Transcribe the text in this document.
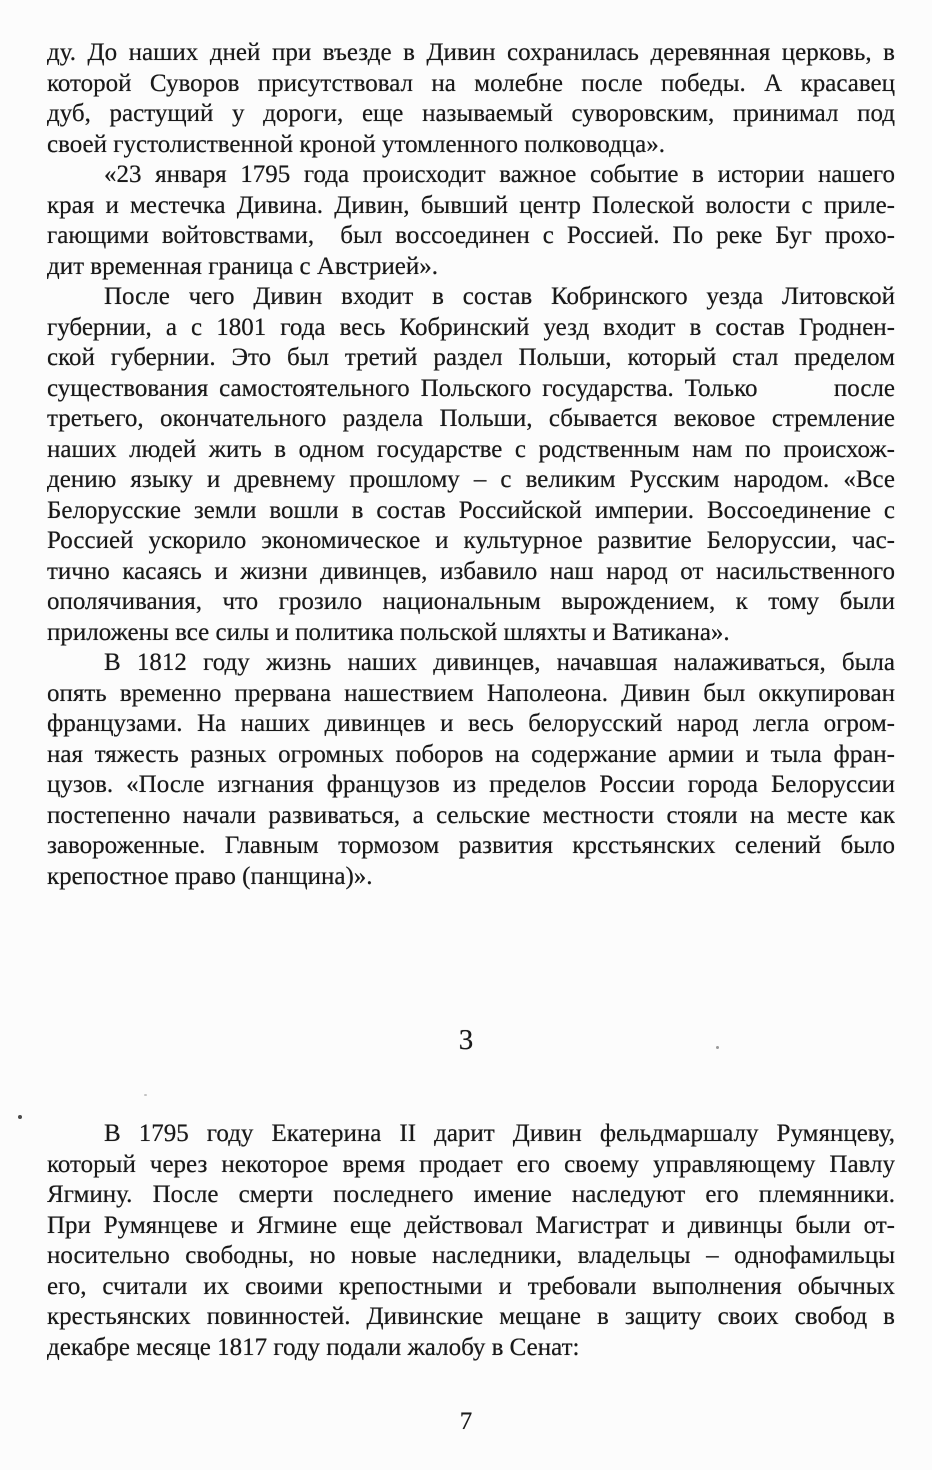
ду. До наших дней при въезде в Дивин сохранилась деревянная церковь, в
которой Суворов присутствовал на молебне после победы. А красавец
дуб, растущий у дороги, еще называемый суворовским, принимал под
своей густолиственной кроной утомленного полководца».
«23 января 1795 года происходит важное событие в истории нашего
края и местечка Дивина. Дивин, бывший центр Полеской волости с приле-
гающими войтовствами,  был воссоединен с Россией. По реке Буг прохо-
дит временная граница с Австрией».
После чего Дивин входит в состав Кобринского уезда Литовской
губернии, а с 1801 года весь Кобринский уезд входит в состав Гроднен-
ской губернии. Это был третий раздел Польши, который стал пределом
существования самостоятельного Польского государства. Только       после
третьего, окончательного раздела Польши, сбывается вековое стремление
наших людей жить в одном государстве с родственным нам по происхож-
дению языку и древнему прошлому – с великим Русским народом. «Все
Белорусские земли вошли в состав Российской империи. Воссоединение с
Россией ускорило экономическое и культурное развитие Белоруссии, час-
тично касаясь и жизни дивинцев, избавило наш народ от насильственного
ополячивания, что грозило национальным вырождением, к тому были
приложены все силы и политика польской шляхты и Ватикана».
В 1812 году жизнь наших дивинцев, начавшая налаживаться, была
опять временно прервана нашествием Наполеона. Дивин был оккупирован
французами. На наших дивинцев и весь белорусский народ легла огром-
ная тяжесть разных огромных поборов на содержание армии и тыла фран-
цузов. «После изгнания французов из пределов России города Белоруссии
постепенно начали развиваться, а сельские местности стояли на месте как
завороженные. Главным тормозом развития крсстьянских селений было
крепостное право (панщина)».
3
В 1795 году Екатерина II дарит Дивин фельдмаршалу Румянцеву,
который через некоторое время продает его своему управляющему Павлу
Ягмину. После смерти последнего имение наследуют его племянники.
При Румянцеве и Ягмине еще действовал Магистрат и дивинцы были от-
носительно свободны, но новые наследники, владельцы – однофамильцы
его, считали их своими крепостными и требовали выполнения обычных
крестьянских повинностей. Дивинские мещане в защиту своих свобод в
декабре месяце 1817 году подали жалобу в Сенат:
7
